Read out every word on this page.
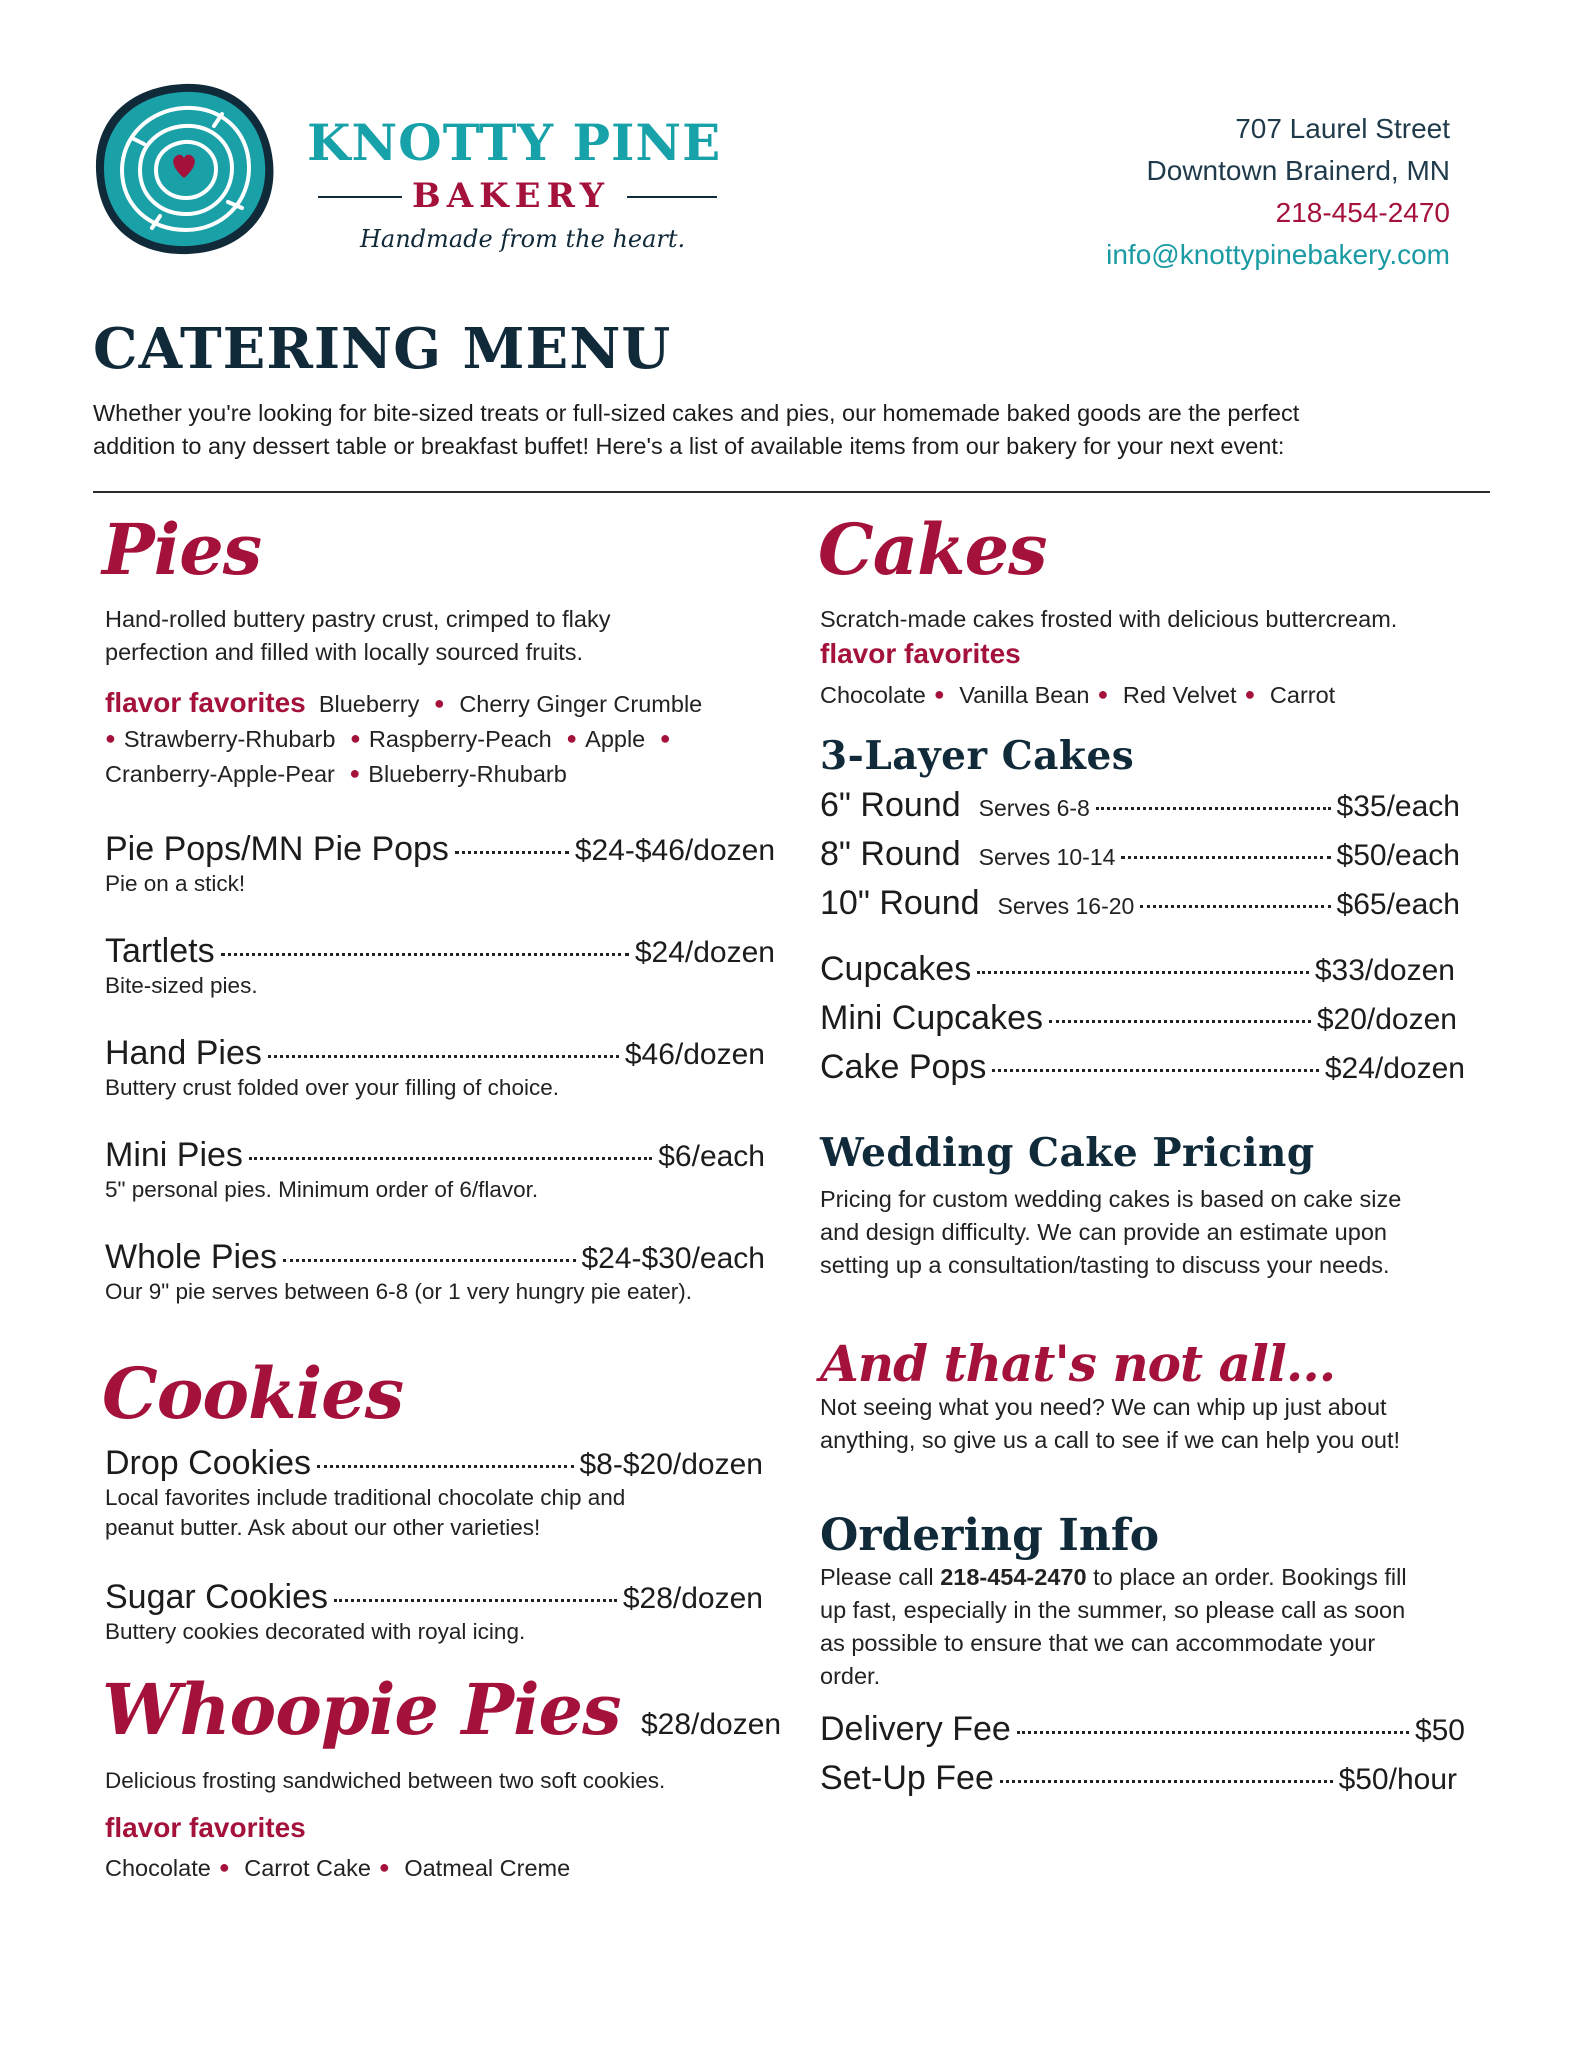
KNOTTY PINE
BAKERY
Handmade from the heart.
707 Laurel Street
Downtown Brainerd, MN
218-454-2470
info@knottypinebakery.com
CATERING MENU
Whether you're looking for bite-sized treats or full-sized cakes and pies, our homemade baked goods are the perfect
addition to any dessert table or breakfast buffet! Here's a list of available items from our bakery for your next event:
Pies
Hand-rolled buttery pastry crust, crimped to flaky
perfection and filled with locally sourced fruits.
flavor favorites Blueberry ● Cherry Ginger Crumble
● Strawberry-Rhubarb ● Raspberry-Peach ● Apple ●
Cranberry-Apple-Pear ● Blueberry-Rhubarb
Pie Pops/MN Pie Pops	$24-$46/dozen
Pie on a stick!
Tartlets	$24/dozen
Bite-sized pies.
Hand Pies	$46/dozen
Buttery crust folded over your filling of choice.
Mini Pies	$6/each
5" personal pies. Minimum order of 6/flavor.
Whole Pies	$24-$30/each
Our 9" pie serves between 6-8 (or 1 very hungry pie eater).
Cookies
Drop Cookies	$8-$20/dozen
Local favorites include traditional chocolate chip and
peanut butter. Ask about our other varieties!
Sugar Cookies	$28/dozen
Buttery cookies decorated with royal icing.
Whoopie Pies $28/dozen
Delicious frosting sandwiched between two soft cookies.
flavor favorites
Chocolate ● Carrot Cake ● Oatmeal Creme
Cakes
Scratch-made cakes frosted with delicious buttercream.
flavor favorites
Chocolate ● Vanilla Bean ● Red Velvet ● Carrot
3-Layer Cakes
6" Round Serves 6-8	$35/each
8" Round Serves 10-14	$50/each
10" Round Serves 16-20	$65/each
Cupcakes	$33/dozen
Mini Cupcakes	$20/dozen
Cake Pops	$24/dozen
Wedding Cake Pricing
Pricing for custom wedding cakes is based on cake size
and design difficulty. We can provide an estimate upon
setting up a consultation/tasting to discuss your needs.
And that's not all...
Not seeing what you need? We can whip up just about
anything, so give us a call to see if we can help you out!
Ordering Info
Please call 218-454-2470 to place an order. Bookings fill
up fast, especially in the summer, so please call as soon
as possible to ensure that we can accommodate your
order.
Delivery Fee	$50
Set-Up Fee	$50/hour
